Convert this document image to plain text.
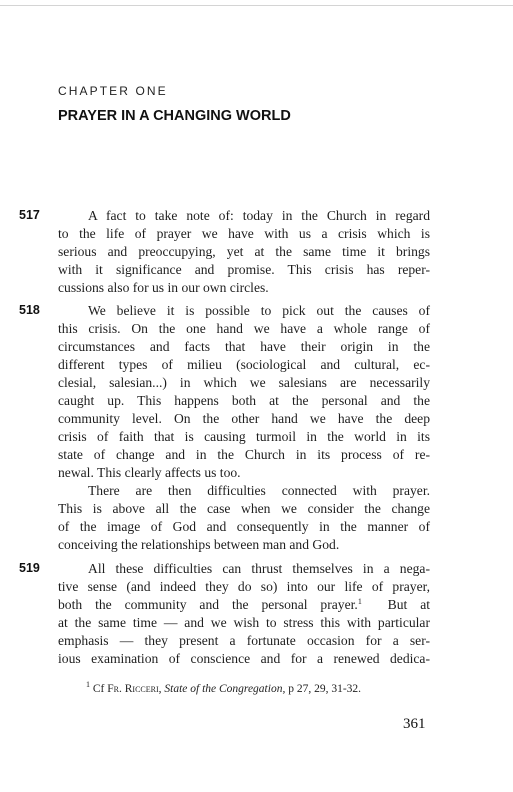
CHAPTER ONE
PRAYER IN A CHANGING WORLD
517	A fact to take note of: today in the Church in regard
to the life of prayer we have with us a crisis which is
serious and preoccupying, yet at the same time it brings
with it significance and promise. This crisis has reper-
cussions also for us in our own circles.
518	We believe it is possible to pick out the causes of
this crisis. On the one hand we have a whole range of
circumstances and facts that have their origin in the
different types of milieu (sociological and cultural, ec-
clesial, salesian...) in which we salesians are necessarily
caught up. This happens both at the personal and the
community level. On the other hand we have the deep
crisis of faith that is causing turmoil in the world in its
state of change and in the Church in its process of re-
newal. This clearly affects us too.
There are then difficulties connected with prayer.
This is above all the case when we consider the change
of the image of God and consequently in the manner of
conceiving the relationships between man and God.
519	All these difficulties can thrust themselves in a nega-
tive sense (and indeed they do so) into our life of prayer,
both the community and the personal prayer.$^1$ But at
at the same time — and we wish to stress this with particular
emphasis — they present a fortunate occasion for a ser-
ious examination of conscience and for a renewed dedica-
$^1$ Cf Fr. Ricceri, State of the Congregation, p 27, 29, 31-32.
361
